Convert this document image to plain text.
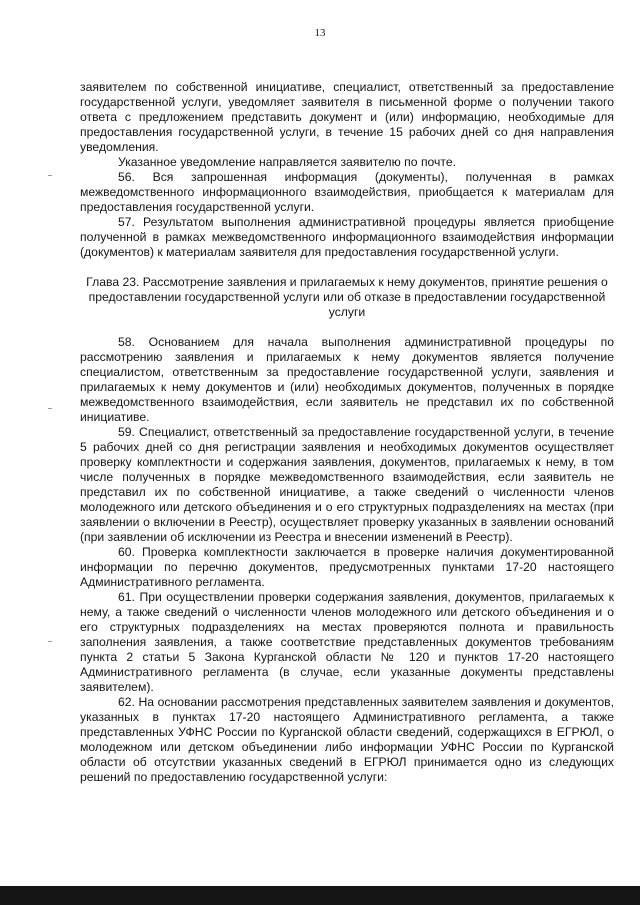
13

заявителем по собственной инициативе, специалист, ответственный за предоставление государственной услуги, уведомляет заявителя в письменной форме о получении такого ответа с предложением представить документ и (или) информацию, необходимые для предоставления государственной услуги, в течение 15 рабочих дней со дня направления уведомления.

Указанное уведомление направляется заявителю по почте.

56. Вся запрошенная информация (документы), полученная в рамках межведомственного информационного взаимодействия, приобщается к материалам для предоставления государственной услуги.

57. Результатом выполнения административной процедуры является приобщение полученной в рамках межведомственного информационного взаимодействия информации (документов) к материалам заявителя для предоставления государственной услуги.

Глава 23. Рассмотрение заявления и прилагаемых к нему документов, принятие решения о предоставлении государственной услуги или об отказе в предоставлении государственной услуги

58. Основанием для начала выполнения административной процедуры по рассмотрению заявления и прилагаемых к нему документов является получение специалистом, ответственным за предоставление государственной услуги, заявления и прилагаемых к нему документов и (или) необходимых документов, полученных в порядке межведомственного взаимодействия, если заявитель не представил их по собственной инициативе.

59. Специалист, ответственный за предоставление государственной услуги, в течение 5 рабочих дней со дня регистрации заявления и необходимых документов осуществляет проверку комплектности и содержания заявления, документов, прилагаемых к нему, в том числе полученных в порядке межведомственного взаимодействия, если заявитель не представил их по собственной инициативе, а также сведений о численности членов молодежного или детского объединения и о его структурных подразделениях на местах (при заявлении о включении в Реестр), осуществляет проверку указанных в заявлении оснований (при заявлении об исключении из Реестра и внесении изменений в Реестр).

60. Проверка комплектности заключается в проверке наличия документированной информации по перечню документов, предусмотренных пунктами 17-20 настоящего Административного регламента.

61. При осуществлении проверки содержания заявления, документов, прилагаемых к нему, а также сведений о численности членов молодежного или детского объединения и о его структурных подразделениях на местах проверяются полнота и правильность заполнения заявления, а также соответствие представленных документов требованиям пункта 2 статьи 5 Закона Курганской области № 120 и пунктов 17-20 настоящего Административного регламента (в случае, если указанные документы представлены заявителем).

62. На основании рассмотрения представленных заявителем заявления и документов, указанных в пунктах 17-20 настоящего Административного регламента, а также представленных УФНС России по Курганской области сведений, содержащихся в ЕГРЮЛ, о молодежном или детском объединении либо информации УФНС России по Курганской области об отсутствии указанных сведений в ЕГРЮЛ принимается одно из следующих решений по предоставлению государственной услуги:
